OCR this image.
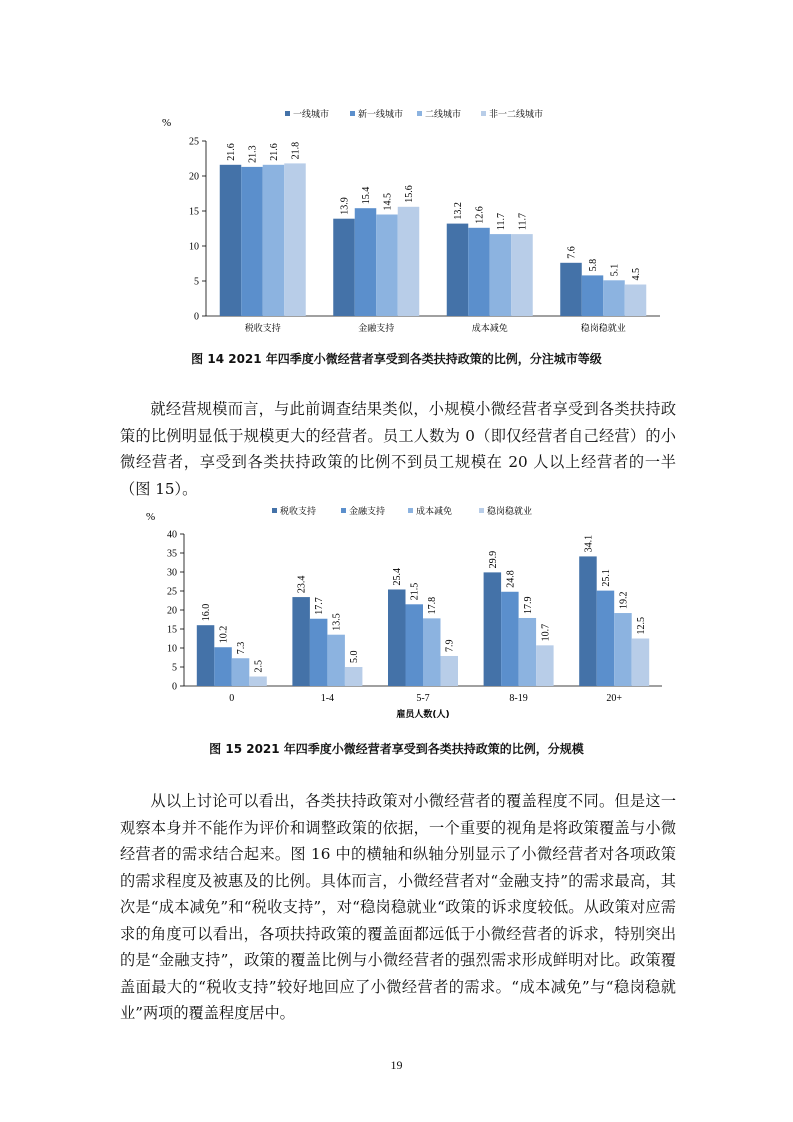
%
0
5
10
15
20
25
21.6 21.3 21.6 21.8
税收支持
13.9
15.4 14.5 15.6
金融支持
13.2 12.6 11.7 11.7
成本减免
7.6
5.8 5.1 4.5
稳岗稳就业
一线城市	新一线城市 二线城市	非一二线城市
图 14 2021 年四季度小微经营者享受到各类扶持政策的比例，分注城市等级

就经营规模而言，与此前调查结果类似，小规模小微经营者享受到各类扶持政策的比例明显低于规模更大的经营者。员工人数为 0（即仅经营者自己经营）的小微经营者，享受到各类扶持政策的比例不到员工规模在 20 人以上经营者的一半（图 15）。

%
0
5
10
15
20
25
30
35
40
16.0
10.2
7.3
2.5
0
23.4
17.7
13.5
5.0
1-4
25.4
21.5
17.8
7.9
5-7
29.9
24.8
17.9
10.7
8-19
34.1
25.1
19.2
12.5
20+
雇员人数(人)
税收支持	金融支持	成本减免	稳岗稳就业
图 15 2021 年四季度小微经营者享受到各类扶持政策的比例，分规模

从以上讨论可以看出，各类扶持政策对小微经营者的覆盖程度不同。但是这一观察本身并不能作为评价和调整政策的依据，一个重要的视角是将政策覆盖与小微经营者的需求结合起来。图 16 中的横轴和纵轴分别显示了小微经营者对各项政策的需求程度及被惠及的比例。具体而言，小微经营者对“金融支持”的需求最高，其次是“成本减免”和“税收支持”，对“稳岗稳就业“政策的诉求度较低。从政策对应需求的角度可以看出，各项扶持政策的覆盖面都远低于小微经营者的诉求，特别突出的是“金融支持”，政策的覆盖比例与小微经营者的强烈需求形成鲜明对比。政策覆盖面最大的“税收支持”较好地回应了小微经营者的需求。“成本减免”与“稳岗稳就业”两项的覆盖程度居中。

19
